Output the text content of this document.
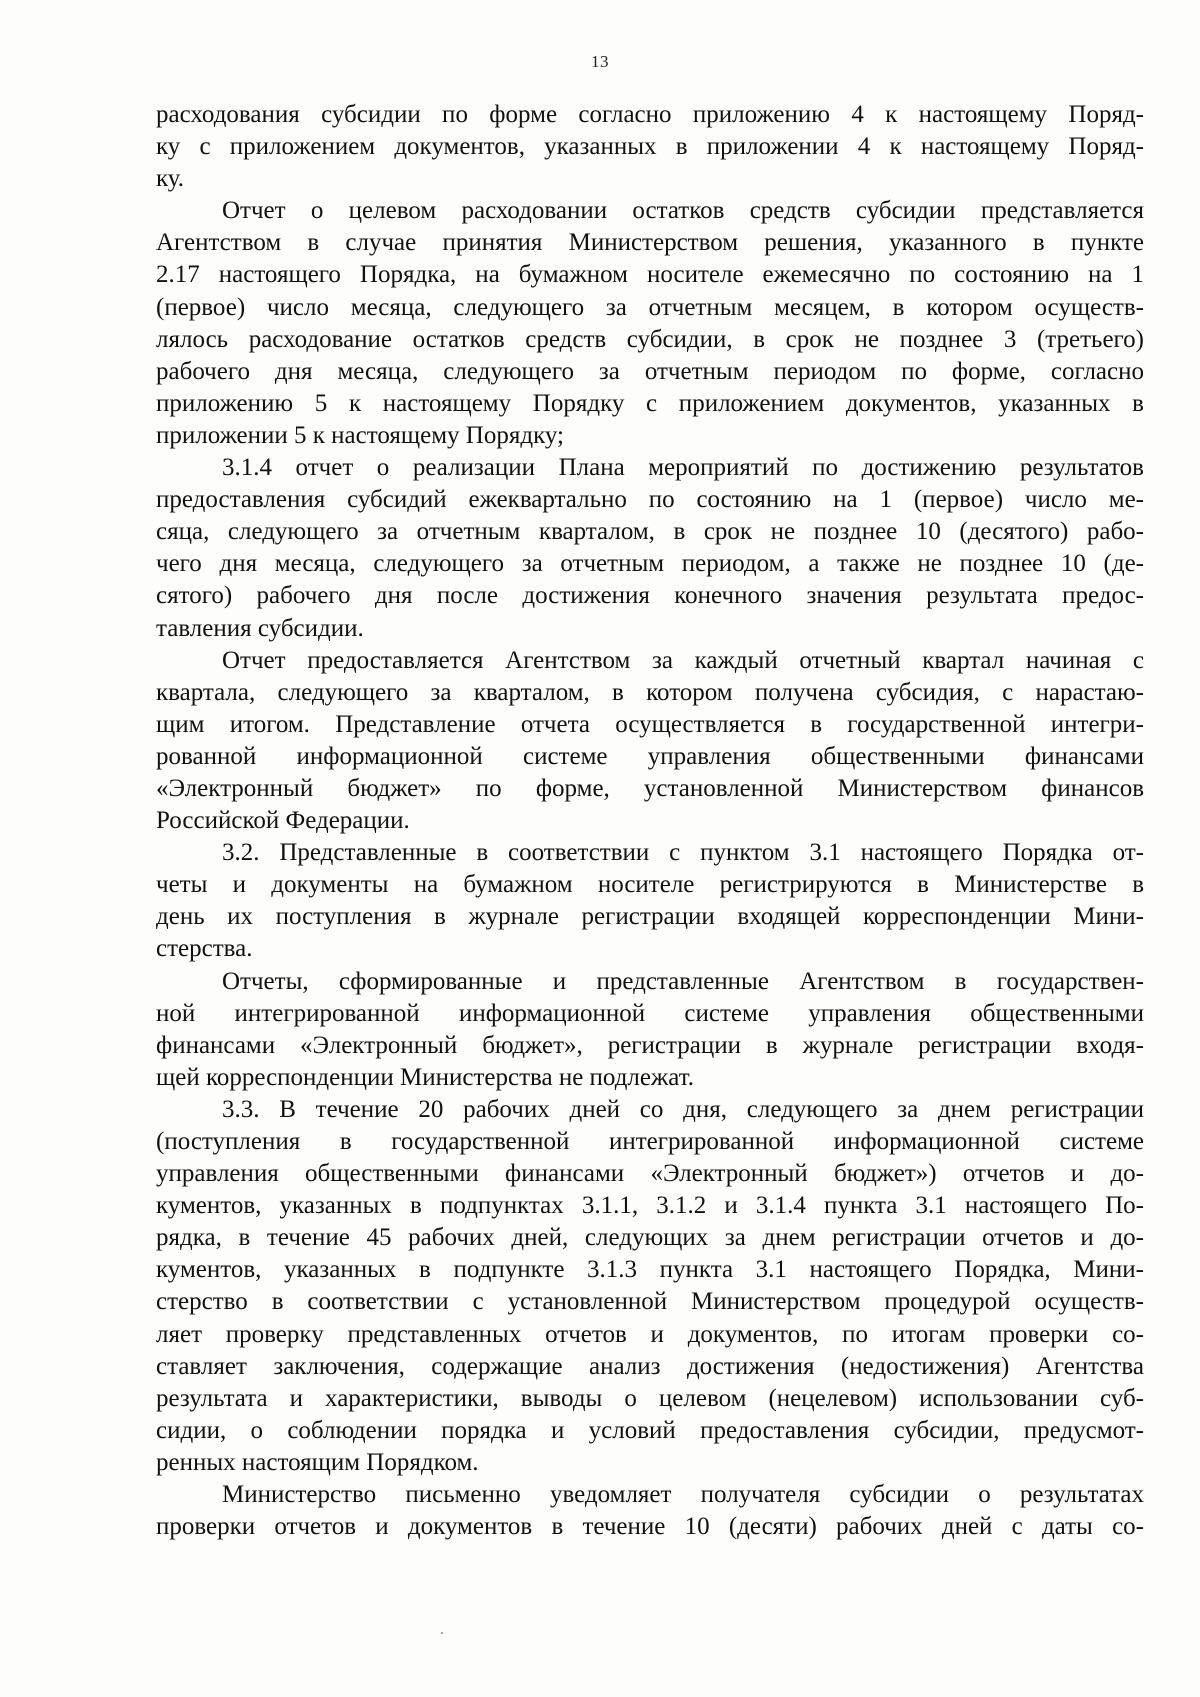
13
расходования субсидии по форме согласно приложению 4 к настоящему Поряд-
ку с приложением документов, указанных в приложении 4 к настоящему Поряд-
ку.
Отчет о целевом расходовании остатков средств субсидии представляется
Агентством в случае принятия Министерством решения, указанного в пункте
2.17 настоящего Порядка, на бумажном носителе ежемесячно по состоянию на 1
(первое) число месяца, следующего за отчетным месяцем, в котором осуществ-
лялось расходование остатков средств субсидии, в срок не позднее 3 (третьего)
рабочего дня месяца, следующего за отчетным периодом по форме, согласно
приложению 5 к настоящему Порядку с приложением документов, указанных в
приложении 5 к настоящему Порядку;
3.1.4 отчет о реализации Плана мероприятий по достижению результатов
предоставления субсидий ежеквартально по состоянию на 1 (первое) число ме-
сяца, следующего за отчетным кварталом, в срок не позднее 10 (десятого) рабо-
чего дня месяца, следующего за отчетным периодом, а также не позднее 10 (де-
сятого) рабочего дня после достижения конечного значения результата предос-
тавления субсидии.
Отчет предоставляется Агентством за каждый отчетный квартал начиная с
квартала, следующего за кварталом, в котором получена субсидия, с нарастаю-
щим итогом. Представление отчета осуществляется в государственной интегри-
рованной информационной системе управления общественными финансами
«Электронный бюджет» по форме, установленной Министерством финансов
Российской Федерации.
3.2. Представленные в соответствии с пунктом 3.1 настоящего Порядка от-
четы и документы на бумажном носителе регистрируются в Министерстве в
день их поступления в журнале регистрации входящей корреспонденции Мини-
стерства.
Отчеты, сформированные и представленные Агентством в государствен-
ной интегрированной информационной системе управления общественными
финансами «Электронный бюджет», регистрации в журнале регистрации входя-
щей корреспонденции Министерства не подлежат.
3.3. В течение 20 рабочих дней со дня, следующего за днем регистрации
(поступления в государственной интегрированной информационной системе
управления общественными финансами «Электронный бюджет») отчетов и до-
кументов, указанных в подпунктах 3.1.1, 3.1.2 и 3.1.4 пункта 3.1 настоящего По-
рядка, в течение 45 рабочих дней, следующих за днем регистрации отчетов и до-
кументов, указанных в подпункте 3.1.3 пункта 3.1 настоящего Порядка, Мини-
стерство в соответствии с установленной Министерством процедурой осуществ-
ляет проверку представленных отчетов и документов, по итогам проверки со-
ставляет заключения, содержащие анализ достижения (недостижения) Агентства
результата и характеристики, выводы о целевом (нецелевом) использовании суб-
сидии, о соблюдении порядка и условий предоставления субсидии, предусмот-
ренных настоящим Порядком.
Министерство письменно уведомляет получателя субсидии о результатах
проверки отчетов и документов в течение 10 (десяти) рабочих дней с даты со-
